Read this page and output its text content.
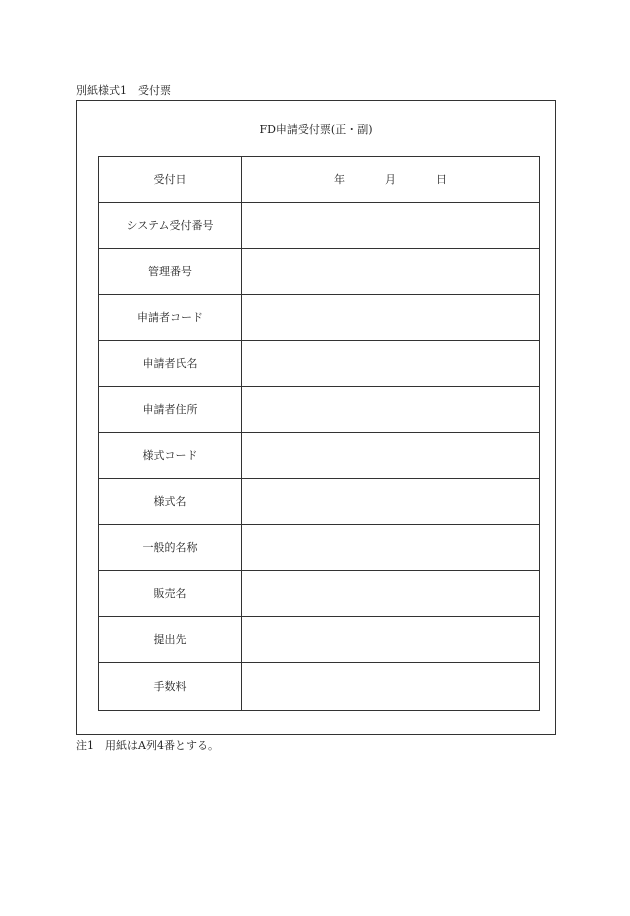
別紙様式1　受付票
FD申請受付票(正・副)
受付日	年 月 日
システム受付番号	
管理番号	
申請者コード	
申請者氏名	
申請者住所	
様式コード	
様式名	
一般的名称	
販売名	
提出先	
手数料	
注1　用紙はA列4番とする。
